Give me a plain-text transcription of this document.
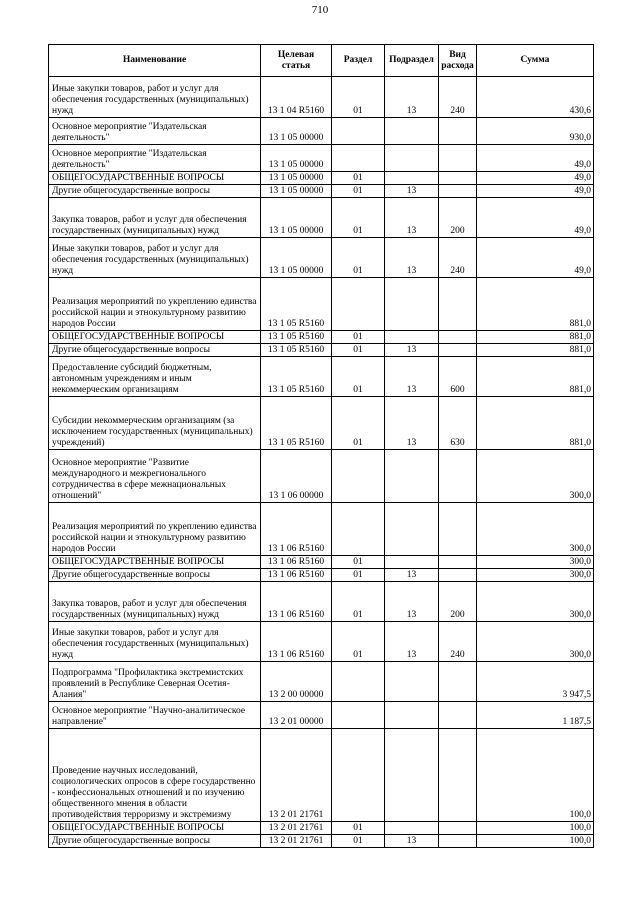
710
Наименование	Целевая статья	Раздел	Подраздел	Вид расхода	Сумма
Иные закупки товаров, работ и услуг для обеспечения государственных (муниципальных) нужд	13 1 04 R5160	01	13	240	430,6
Основное мероприятие "Издательская деятельность"	13 1 05 00000				930,0
Основное мероприятие "Издательская деятельность"	13 1 05 00000				49,0
ОБЩЕГОСУДАРСТВЕННЫЕ ВОПРОСЫ	13 1 05 00000	01			49,0
Другие общегосударственные вопросы	13 1 05 00000	01	13		49,0
Закупка товаров, работ и услуг для обеспечения государственных (муниципальных) нужд	13 1 05 00000	01	13	200	49,0
Иные закупки товаров, работ и услуг для обеспечения государственных (муниципальных) нужд	13 1 05 00000	01	13	240	49,0
Реализация мероприятий по укреплению единства российской нации и этнокультурному развитию народов России	13 1 05 R5160				881,0
ОБЩЕГОСУДАРСТВЕННЫЕ ВОПРОСЫ	13 1 05 R5160	01			881,0
Другие общегосударственные вопросы	13 1 05 R5160	01	13		881,0
Предоставление субсидий бюджетным, автономным учреждениям и иным некоммерческим организациям	13 1 05 R5160	01	13	600	881,0
Субсидии некоммерческим организациям (за исключением государственных (муниципальных) учреждений)	13 1 05 R5160	01	13	630	881,0
Основное мероприятие "Развитие международного и межрегионального сотрудничества в сфере межнациональных отношений"	13 1 06 00000				300,0
Реализация мероприятий по укреплению единства российской нации и этнокультурному развитию народов России	13 1 06 R5160				300,0
ОБЩЕГОСУДАРСТВЕННЫЕ ВОПРОСЫ	13 1 06 R5160	01			300,0
Другие общегосударственные вопросы	13 1 06 R5160	01	13		300,0
Закупка товаров, работ и услуг для обеспечения государственных (муниципальных) нужд	13 1 06 R5160	01	13	200	300,0
Иные закупки товаров, работ и услуг для обеспечения государственных (муниципальных) нужд	13 1 06 R5160	01	13	240	300,0
Подпрограмма "Профилактика экстремистских проявлений в Республике Северная Осетия-Алания"	13 2 00 00000				3 947,5
Основное мероприятие "Научно-аналитическое направление"	13 2 01 00000				1 187,5
Проведение научных исследований, социологических опросов в сфере государственно - конфессиональных отношений и по изучению общественного мнения в области противодействия терроризму и экстремизму	13 2 01 21761				100,0
ОБЩЕГОСУДАРСТВЕННЫЕ ВОПРОСЫ	13 2 01 21761	01			100,0
Другие общегосударственные вопросы	13 2 01 21761	01	13		100,0
